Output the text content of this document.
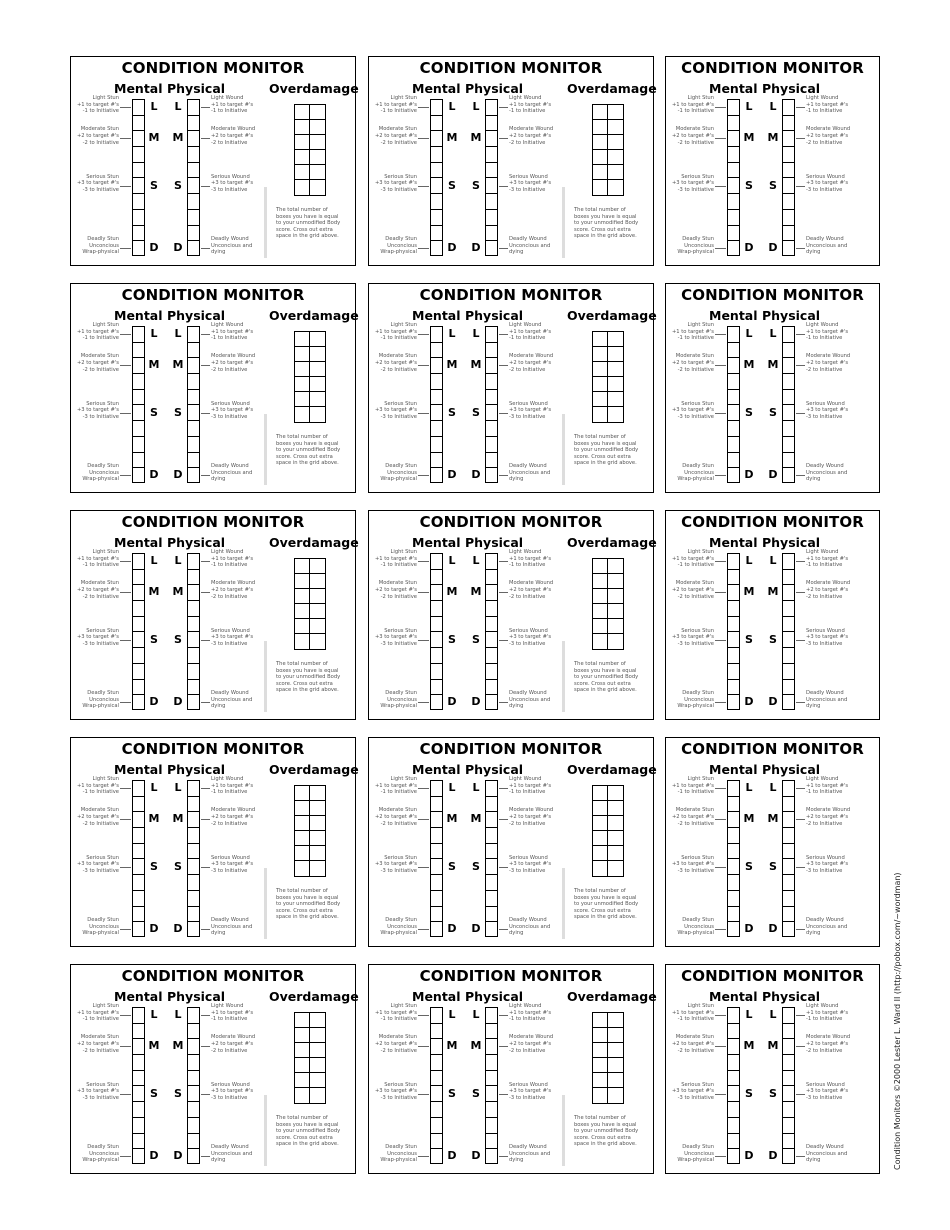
CONDITION MONITOR
Mental Physical	Overdamage
The total number of
boxes you have is equal
to your unmodified Body
score. Cross out extra
space in the grid above.
L L
Light Stun
+1 to target #'s
-1 to Initiative
Light Wound
+1 to target #'s
-1 to Initiative
M M
Moderate Stun
+2 to target #'s
-2 to Initiative
Moderate Wound
+2 to target #'s
-2 to Initiative
S S
Serious Stun
+3 to target #'s
-3 to Initiative
Serious Wound
+3 to target #'s
-3 to Initiative
D D
Deadly Stun
Unconcious
Wrap-physical
Deadly Wound
Unconcious and
dying
CONDITION MONITOR
Mental Physical	Overdamage
The total number of
boxes you have is equal
to your unmodified Body
score. Cross out extra
space in the grid above.
L L
Light Stun
+1 to target #'s
-1 to Initiative
Light Wound
+1 to target #'s
-1 to Initiative
M M
Moderate Stun
+2 to target #'s
-2 to Initiative
Moderate Wound
+2 to target #'s
-2 to Initiative
S S
Serious Stun
+3 to target #'s
-3 to Initiative
Serious Wound
+3 to target #'s
-3 to Initiative
D D
Deadly Stun
Unconcious
Wrap-physical
Deadly Wound
Unconcious and
dying
CONDITION MONITOR
Mental Physical
L L
Light Stun
+1 to target #'s
-1 to Initiative
Light Wound
+1 to target #'s
-1 to Initiative
M M
Moderate Stun
+2 to target #'s
-2 to Initiative
Moderate Wound
+2 to target #'s
-2 to Initiative
S S
Serious Stun
+3 to target #'s
-3 to Initiative
Serious Wound
+3 to target #'s
-3 to Initiative
D D
Deadly Stun
Unconcious
Wrap-physical
Deadly Wound
Unconcious and
dying
CONDITION MONITOR
Mental Physical	Overdamage
The total number of
boxes you have is equal
to your unmodified Body
score. Cross out extra
space in the grid above.
L L
Light Stun
+1 to target #'s
-1 to Initiative
Light Wound
+1 to target #'s
-1 to Initiative
M M
Moderate Stun
+2 to target #'s
-2 to Initiative
Moderate Wound
+2 to target #'s
-2 to Initiative
S S
Serious Stun
+3 to target #'s
-3 to Initiative
Serious Wound
+3 to target #'s
-3 to Initiative
D D
Deadly Stun
Unconcious
Wrap-physical
Deadly Wound
Unconcious and
dying
CONDITION MONITOR
Mental Physical	Overdamage
The total number of
boxes you have is equal
to your unmodified Body
score. Cross out extra
space in the grid above.
L L
Light Stun
+1 to target #'s
-1 to Initiative
Light Wound
+1 to target #'s
-1 to Initiative
M M
Moderate Stun
+2 to target #'s
-2 to Initiative
Moderate Wound
+2 to target #'s
-2 to Initiative
S S
Serious Stun
+3 to target #'s
-3 to Initiative
Serious Wound
+3 to target #'s
-3 to Initiative
D D
Deadly Stun
Unconcious
Wrap-physical
Deadly Wound
Unconcious and
dying
CONDITION MONITOR
Mental Physical
L L
Light Stun
+1 to target #'s
-1 to Initiative
Light Wound
+1 to target #'s
-1 to Initiative
M M
Moderate Stun
+2 to target #'s
-2 to Initiative
Moderate Wound
+2 to target #'s
-2 to Initiative
S S
Serious Stun
+3 to target #'s
-3 to Initiative
Serious Wound
+3 to target #'s
-3 to Initiative
D D
Deadly Stun
Unconcious
Wrap-physical
Deadly Wound
Unconcious and
dying
CONDITION MONITOR
Mental Physical	Overdamage
The total number of
boxes you have is equal
to your unmodified Body
score. Cross out extra
space in the grid above.
L L
Light Stun
+1 to target #'s
-1 to Initiative
Light Wound
+1 to target #'s
-1 to Initiative
M M
Moderate Stun
+2 to target #'s
-2 to Initiative
Moderate Wound
+2 to target #'s
-2 to Initiative
S S
Serious Stun
+3 to target #'s
-3 to Initiative
Serious Wound
+3 to target #'s
-3 to Initiative
D D
Deadly Stun
Unconcious
Wrap-physical
Deadly Wound
Unconcious and
dying
CONDITION MONITOR
Mental Physical	Overdamage
The total number of
boxes you have is equal
to your unmodified Body
score. Cross out extra
space in the grid above.
L L
Light Stun
+1 to target #'s
-1 to Initiative
Light Wound
+1 to target #'s
-1 to Initiative
M M
Moderate Stun
+2 to target #'s
-2 to Initiative
Moderate Wound
+2 to target #'s
-2 to Initiative
S S
Serious Stun
+3 to target #'s
-3 to Initiative
Serious Wound
+3 to target #'s
-3 to Initiative
D D
Deadly Stun
Unconcious
Wrap-physical
Deadly Wound
Unconcious and
dying
CONDITION MONITOR
Mental Physical
L L
Light Stun
+1 to target #'s
-1 to Initiative
Light Wound
+1 to target #'s
-1 to Initiative
M M
Moderate Stun
+2 to target #'s
-2 to Initiative
Moderate Wound
+2 to target #'s
-2 to Initiative
S S
Serious Stun
+3 to target #'s
-3 to Initiative
Serious Wound
+3 to target #'s
-3 to Initiative
D D
Deadly Stun
Unconcious
Wrap-physical
Deadly Wound
Unconcious and
dying
CONDITION MONITOR
Mental Physical	Overdamage
The total number of
boxes you have is equal
to your unmodified Body
score. Cross out extra
space in the grid above.
L L
Light Stun
+1 to target #'s
-1 to Initiative
Light Wound
+1 to target #'s
-1 to Initiative
M M
Moderate Stun
+2 to target #'s
-2 to Initiative
Moderate Wound
+2 to target #'s
-2 to Initiative
S S
Serious Stun
+3 to target #'s
-3 to Initiative
Serious Wound
+3 to target #'s
-3 to Initiative
D D
Deadly Stun
Unconcious
Wrap-physical
Deadly Wound
Unconcious and
dying
CONDITION MONITOR
Mental Physical	Overdamage
The total number of
boxes you have is equal
to your unmodified Body
score. Cross out extra
space in the grid above.
L L
Light Stun
+1 to target #'s
-1 to Initiative
Light Wound
+1 to target #'s
-1 to Initiative
M M
Moderate Stun
+2 to target #'s
-2 to Initiative
Moderate Wound
+2 to target #'s
-2 to Initiative
S S
Serious Stun
+3 to target #'s
-3 to Initiative
Serious Wound
+3 to target #'s
-3 to Initiative
D D
Deadly Stun
Unconcious
Wrap-physical
Deadly Wound
Unconcious and
dying
CONDITION MONITOR
Mental Physical
L L
Light Stun
+1 to target #'s
-1 to Initiative
Light Wound
+1 to target #'s
-1 to Initiative
M M
Moderate Stun
+2 to target #'s
-2 to Initiative
Moderate Wound
+2 to target #'s
-2 to Initiative
S S
Serious Stun
+3 to target #'s
-3 to Initiative
Serious Wound
+3 to target #'s
-3 to Initiative
D D
Deadly Stun
Unconcious
Wrap-physical
Deadly Wound
Unconcious and
dying
CONDITION MONITOR
Mental Physical	Overdamage
The total number of
boxes you have is equal
to your unmodified Body
score. Cross out extra
space in the grid above.
L L
Light Stun
+1 to target #'s
-1 to Initiative
Light Wound
+1 to target #'s
-1 to Initiative
M M
Moderate Stun
+2 to target #'s
-2 to Initiative
Moderate Wound
+2 to target #'s
-2 to Initiative
S S
Serious Stun
+3 to target #'s
-3 to Initiative
Serious Wound
+3 to target #'s
-3 to Initiative
D D
Deadly Stun
Unconcious
Wrap-physical
Deadly Wound
Unconcious and
dying
CONDITION MONITOR
Mental Physical	Overdamage
The total number of
boxes you have is equal
to your unmodified Body
score. Cross out extra
space in the grid above.
L L
Light Stun
+1 to target #'s
-1 to Initiative
Light Wound
+1 to target #'s
-1 to Initiative
M M
Moderate Stun
+2 to target #'s
-2 to Initiative
Moderate Wound
+2 to target #'s
-2 to Initiative
S S
Serious Stun
+3 to target #'s
-3 to Initiative
Serious Wound
+3 to target #'s
-3 to Initiative
D D
Deadly Stun
Unconcious
Wrap-physical
Deadly Wound
Unconcious and
dying
CONDITION MONITOR
Mental Physical
L L
Light Stun
+1 to target #'s
-1 to Initiative
Light Wound
+1 to target #'s
-1 to Initiative
M M
Moderate Stun
+2 to target #'s
-2 to Initiative
Moderate Wound
+2 to target #'s
-2 to Initiative
S S
Serious Stun
+3 to target #'s
-3 to Initiative
Serious Wound
+3 to target #'s
-3 to Initiative
D D
Deadly Stun
Unconcious
Wrap-physical
Deadly Wound
Unconcious and
dying	Condition Monitors ©2000 Lester L. Ward II (http://pobox.com/~wordman)
